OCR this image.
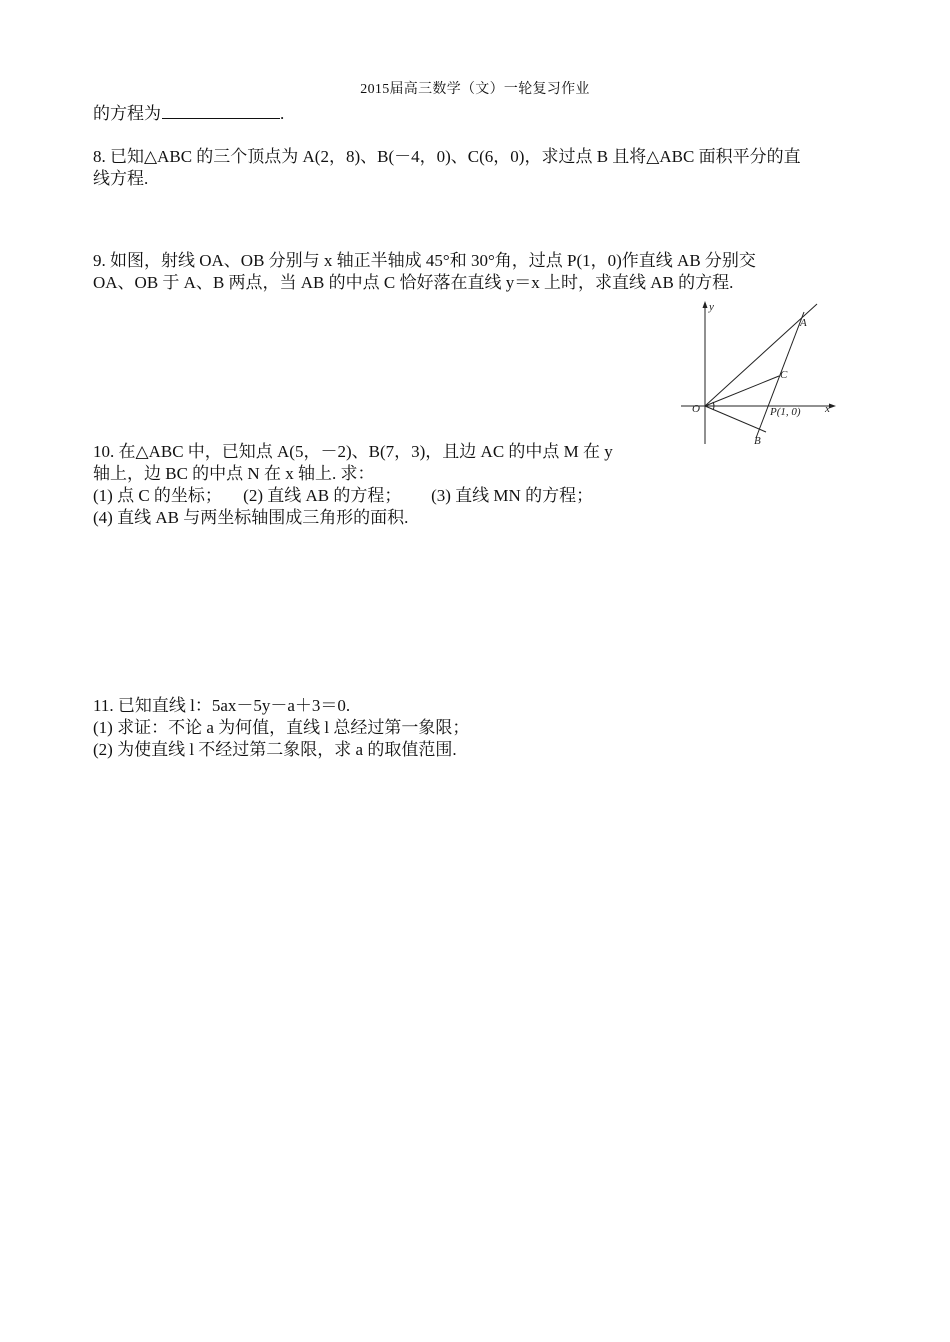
2015届高三数学（文）一轮复习作业
的方程为	.
8. 已知△ABC 的三个顶点为 A(2，8)、B(－4，0)、C(6，0)，求过点 B 且将△ABC 面积平分的直
线方程.
9. 如图，射线 OA、OB 分别与 x 轴正半轴成 45°和 30°角，过点 P(1，0)作直线 AB 分别交
OA、OB 于 A、B 两点，当 AB 的中点 C 恰好落在直线 y＝x 上时，求直线 AB 的方程.
y
x
O
A
C
B
P(1, 0)
10. 在△ABC 中，已知点 A(5，－2)、B(7，3)，且边 AC 的中点 M 在 y
轴上，边 BC 的中点 N 在 x 轴上. 求：
(1) 点 C 的坐标；     (2) 直线 AB 的方程；       (3) 直线 MN 的方程；
(4) 直线 AB 与两坐标轴围成三角形的面积.
11. 已知直线 l：5ax－5y－a＋3＝0.
(1) 求证：不论 a 为何值，直线 l 总经过第一象限；
(2) 为使直线 l 不经过第二象限，求 a 的取值范围.
